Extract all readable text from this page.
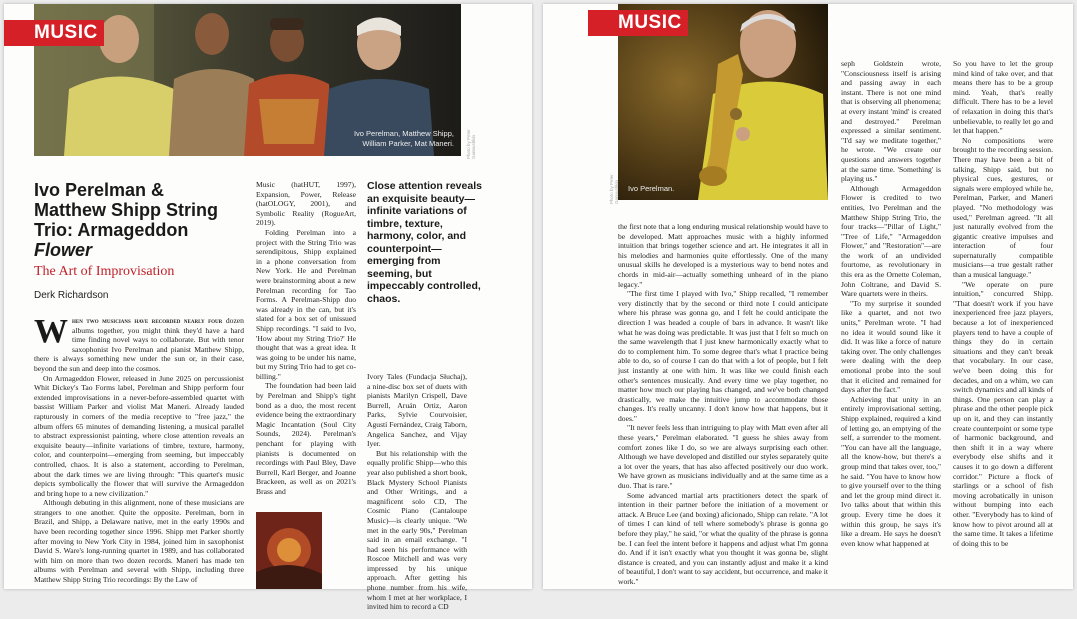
MUSIC
Ivo Perelman, Matthew Shipp,
William Parker, Mat Maneri.	Photo by Peter Gannushkin
Ivo Perelman &
Matthew Shipp String
Trio: Armageddon
Flower
The Art of Improvisation
Derk Richardson

When two musicians have recorded nearly four dozen albums together, you might think they'd have a hard time finding novel ways to collaborate. But with tenor saxophonist Ivo Perelman and pianist Matthew Shipp, there is always something new under the sun or, in their case, beyond the sun and deep into the cosmos.

On Armageddon Flower, released in June 2025 on percussionist Whit Dickey's Tao Forms label, Perelman and Shipp perform four extended improvisations in a never-before-assembled quartet with bassist William Parker and violist Mat Maneri. Already lauded rapturously in corners of the media receptive to "free jazz," the album offers 65 minutes of demanding listening, a musical parallel to abstract expressionist painting, where close attention reveals an exquisite beauty—infinite variations of timbre, texture, harmony, color, and counterpoint—emerging from seeming, but impeccably controlled, chaos. It is also a statement, according to Perelman, about the dark times we are living through: "This quartet's music depicts symbolically the flower that will survive the Armageddon and bring hope to a new civilization."

Although debuting in this alignment, none of these musicians are strangers to one another. Quite the opposite. Perelman, born in Brazil, and Shipp, a Delaware native, met in the early 1990s and have been recording together since 1996. Shipp met Parker shortly after moving to New York City in 1984, joined him in saxophonist David S. Ware's long-running quartet in 1989, and has collaborated with him on more than two dozen records. Maneri has made ten albums with Perelman and several with Shipp, including three Matthew Shipp String Trio recordings: By the Law of

Music (hatHUT, 1997), Expansion, Power, Release (hatOLOGY, 2001), and Symbolic Reality (RogueArt, 2019).

Folding Perelman into a project with the String Trio was serendipitous, Shipp explained in a phone conversation from New York. He and Perelman were brainstorming about a new Perelman recording for Tao Forms. A Perelman-Shipp duo was already in the can, but it's slated for a box set of unissued Shipp recordings. "I said to Ivo, 'How about my String Trio?' He thought that was a great idea. It was going to be under his name, but my String Trio had to get co-billing."

The foundation had been laid by Perelman and Shipp's tight bond as a duo, the most recent evidence being the extraordinary Magic Incantation (Soul City Sounds, 2024). Perelman's penchant for playing with pianists is documented on recordings with Paul Bley, Dave Burrell, Karl Berger, and Joanne Brackeen, as well as on 2021's Brass and

Close attention reveals an exquisite beauty—infinite variations of timbre, texture, harmony, color, and counterpoint—emerging from seeming, but impeccably controlled, chaos.

Ivory Tales (Fundacja Słuchaj), a nine-disc box set of duets with pianists Marilyn Crispell, Dave Burrell, Aruán Ortiz, Aaron Parks, Sylvie Courvoisier, Agustí Fernández, Craig Taborn, Angelica Sanchez, and Vijay Iyer.

But his relationship with the equally prolific Shipp—who this year also published a short book, Black Mystery School Pianists and Other Writings, and a magnificent solo CD, The Cosmic Piano (Cantaloupe Music)—is clearly unique. "We met in the early 90s," Perelman said in an email exchange. "I had seen his performance with Roscoe Mitchell and was very impressed by his unique approach. After getting his phone number from his wife, whom I met at her workplace, I invited him to record a CD

MUSIC
Ivo Perelman.
Photo by Peter Gannushkin

the first note that a long enduring musical relationship would have to be developed. Matt approaches music with a highly informed intuition that brings together science and art. He integrates it all in his melodies and harmonies quite effortlessly. One of the many unusual skills he developed is a mysterious way to bend notes and chords in mid-air—actually something unheard of in the piano legacy."

"The first time I played with Ivo," Shipp recalled, "I remember very distinctly that by the second or third note I could anticipate where his phrase was gonna go, and I felt he could anticipate the direction I was headed a couple of bars in advance. It wasn't like what he was doing was predictable. It was just that I felt so much on the same wavelength that I just knew harmonically exactly what to do to complement him. To some degree that's what I practice being able to do, so of course I can do that with a lot of people, but I felt just instantly at one with him. It was like we could finish each other's sentences musically. And every time we play together, no matter how much our playing has changed, and we've both changed drastically, we make the intuitive jump to accommodate those changes. It's really uncanny. I don't know how that happens, but it does."

"It never feels less than intriguing to play with Matt even after all these years," Perelman elaborated. "I guess he shies away from comfort zones like I do, so we are always surprising each other. Although we have developed and distilled our styles separately quite a lot over the years, that has also affected positively our duo work. We have grown as musicians individually and at the same time as a duo. That is rare."

Some advanced martial arts practitioners detect the spark of intention in their partner before the initiation of a movement or attack. A Bruce Lee (and boxing) aficionado, Shipp can relate. "A lot of times I can kind of tell where somebody's phrase is gonna go before they play," he said, "or what the quality of the phrase is gonna be. I can feel the intent before it happens and adjust what I'm gonna do. And if it isn't exactly what you thought it was gonna be, slight distance is created, and you can instantly adjust and make it a kind of beautiful, I don't want to say accident, but occurrence, and make it work."

seph Goldstein wrote, "Consciousness itself is arising and passing away in each instant. There is not one mind that is observing all phenomena; at every instant 'mind' is created and destroyed." Perelman expressed a similar sentiment. "I'd say we meditate together," he wrote. "We create our questions and answers together at the same time. 'Something' is playing us."

Although Armageddon Flower is credited to two entities, Ivo Perelman and the Matthew Shipp String Trio, the four tracks—"Pillar of Light," "Tree of Life," "Armageddon Flower," and "Restoration"—are the work of an undivided fourtome, as revolutionary in this era as the Ornette Coleman, John Coltrane, and David S. Ware quartets were in theirs.

"To my surprise it sounded like a quartet, and not two units," Perelman wrote. "I had no idea it would sound like it did. It was like a force of nature taking over. The only challenges were dealing with the deep emotional probe into the soul that it elicited and remained for days after the fact."

Achieving that unity in an entirely improvisational setting, Shipp explained, required a kind of letting go, an emptying of the self, a surrender to the moment. "You can have all the language, all the know-how, but there's a group mind that takes over, too," he said. "You have to know how to give yourself over to the thing and let the group mind direct it. Ivo talks about that within this group. Every time he does it within this group, he says it's like a dream. He says he doesn't even know what happened at

So you have to let the group mind kind of take over, and that means there has to be a group mind. Yeah, that's really difficult. There has to be a level of relaxation in doing this that's unbelievable, to really let go and let that happen."

No compositions were brought to the recording session. There may have been a bit of talking, Shipp said, but no physical cues, gestures, or signals were employed while he, Perelman, Parker, and Maneri played. "No methodology was used," Perelman agreed. "It all just naturally evolved from the gigantic creative impulses and interaction of four supernaturally compatible musicians—a true gestalt rather than a musical language."

"We operate on pure intuition," concurred Shipp. "That doesn't work if you have inexperienced free jazz players, because a lot of inexperienced players tend to have a couple of things they do in certain situations and they can't break that vocabulary. In our case, we've been doing this for decades, and on a whim, we can switch dynamics and all kinds of things. One person can play a phrase and the other people pick up on it, and they can instantly create counterpoint or some type of harmonic background, and then shift it in a way where everybody else shifts and it causes it to go down a different corridor." Picture a flock of starlings or a school of fish moving acrobatically in unison without bumping into each other. "Everybody has to kind of know how to pivot around all at the same time. It takes a lifetime of doing this to be
